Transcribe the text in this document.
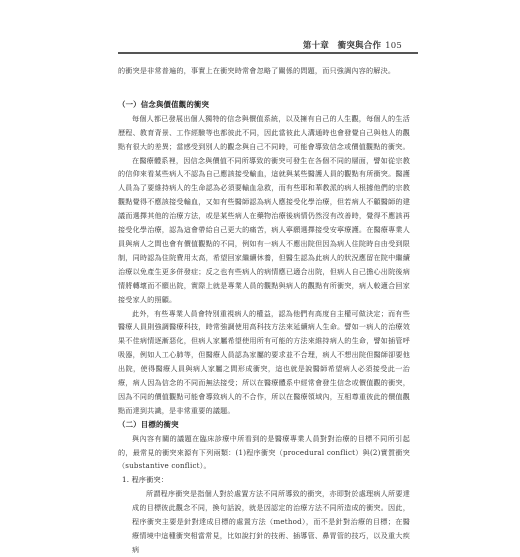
第十章　衝突與合作 105

的衝突是非常普遍的，事實上在衝突時常會忽略了關係的問題，而只強調內容的解決。

（一）信念與價值觀的衝突

每個人都已發展出個人獨特的信念與價值系統，以及擁有自己的人生觀，每個人的生活歷程、教育背景、工作經驗等也都彼此不同，因此當彼此人溝通時也會發覺自己與他人的觀點有很大的差異；當感受到別人的觀念與自己不同時，可能會導致信念或價值觀點的衝突。

在醫療體系裡，因信念與價值不同所導致的衝突可發生在各個不同的層面，譬如從宗教的信仰來看某些病人不認為自己應該接受輸血，這就與某些醫護人員的觀點有所衝突。醫護人員為了要維持病人的生命認為必須要輸血急救，而有些耶和華教派的病人根據他們的宗教觀點覺得不應該接受輸血，又如有些醫師認為病人應接受化學治療，但若病人不顧醫師的建議而選擇其他的治療方法，或是某些病人在藥物治療後病情仍然沒有改善時，覺得不應該再接受化學治療，認為這會帶給自己更大的痛苦，病人寧願選擇接受安寧療護。在醫療專業人員與病人之間也會有價值觀點的不同，例如有一病人不應出院但因為病人住院時自由受到限制，同時認為住院費用太高，希望回家繼續休養，但醫生認為此病人的狀況應留在院中繼續治療以免產生更多併發症；反之也有些病人的病情應已適合出院，但病人自己擔心出院後病情將轉壞而不願出院，實際上就是專業人員的觀點與病人的觀點有所衝突，病人較適合回家接受家人的照顧。

此外，有些專業人員會特別重視病人的權益，認為他們有高度自主權可做決定；而有些醫療人員則強調醫療科技，時常強調使用高科技方法來延續病人生命。譬如一病人的治療效果不佳病情逐漸惡化，但病人家屬希望使用所有可能的方法來維持病人的生命，譬如插管呼吸器，例如人工心肺等，但醫療人員認為家屬的要求並不合理，病人不想出院但醫師卻要他出院，使得醫療人員與病人家屬之間形成衝突，這也就是說醫師希望病人必須接受此一治療，病人因為信念的不同而無法接受；所以在醫療體系中經常會發生信念或價值觀的衝突，因為不同的價值觀點可能會導致病人的不合作，所以在醫療領域內，互相尊重彼此的價值觀點而達到共識，是非常重要的議題。

（二）目標的衝突

與內容有關的議題在臨床診療中所看到的是醫療專業人員對對治療的目標不同所引起的，最常見的衝突來源有下列兩類：(1)程序衝突（procedural conflict）與(2)實質衝突（substantive conflict）。

1. 程序衝突：

所謂程序衝突是指個人對於處置方法不同所導致的衝突，亦即對於處理病人所要達成的目標彼此觀念不同，換句話說，就是因認定的治療方法不同所造成的衝突。因此，程序衝突主要是針對達成目標的處置方法（method），而不是針對治療的目標；在醫療情境中這種衝突相當常見，比如說打針的技術、插導管、鼻胃管的技巧，以及重大疾病
